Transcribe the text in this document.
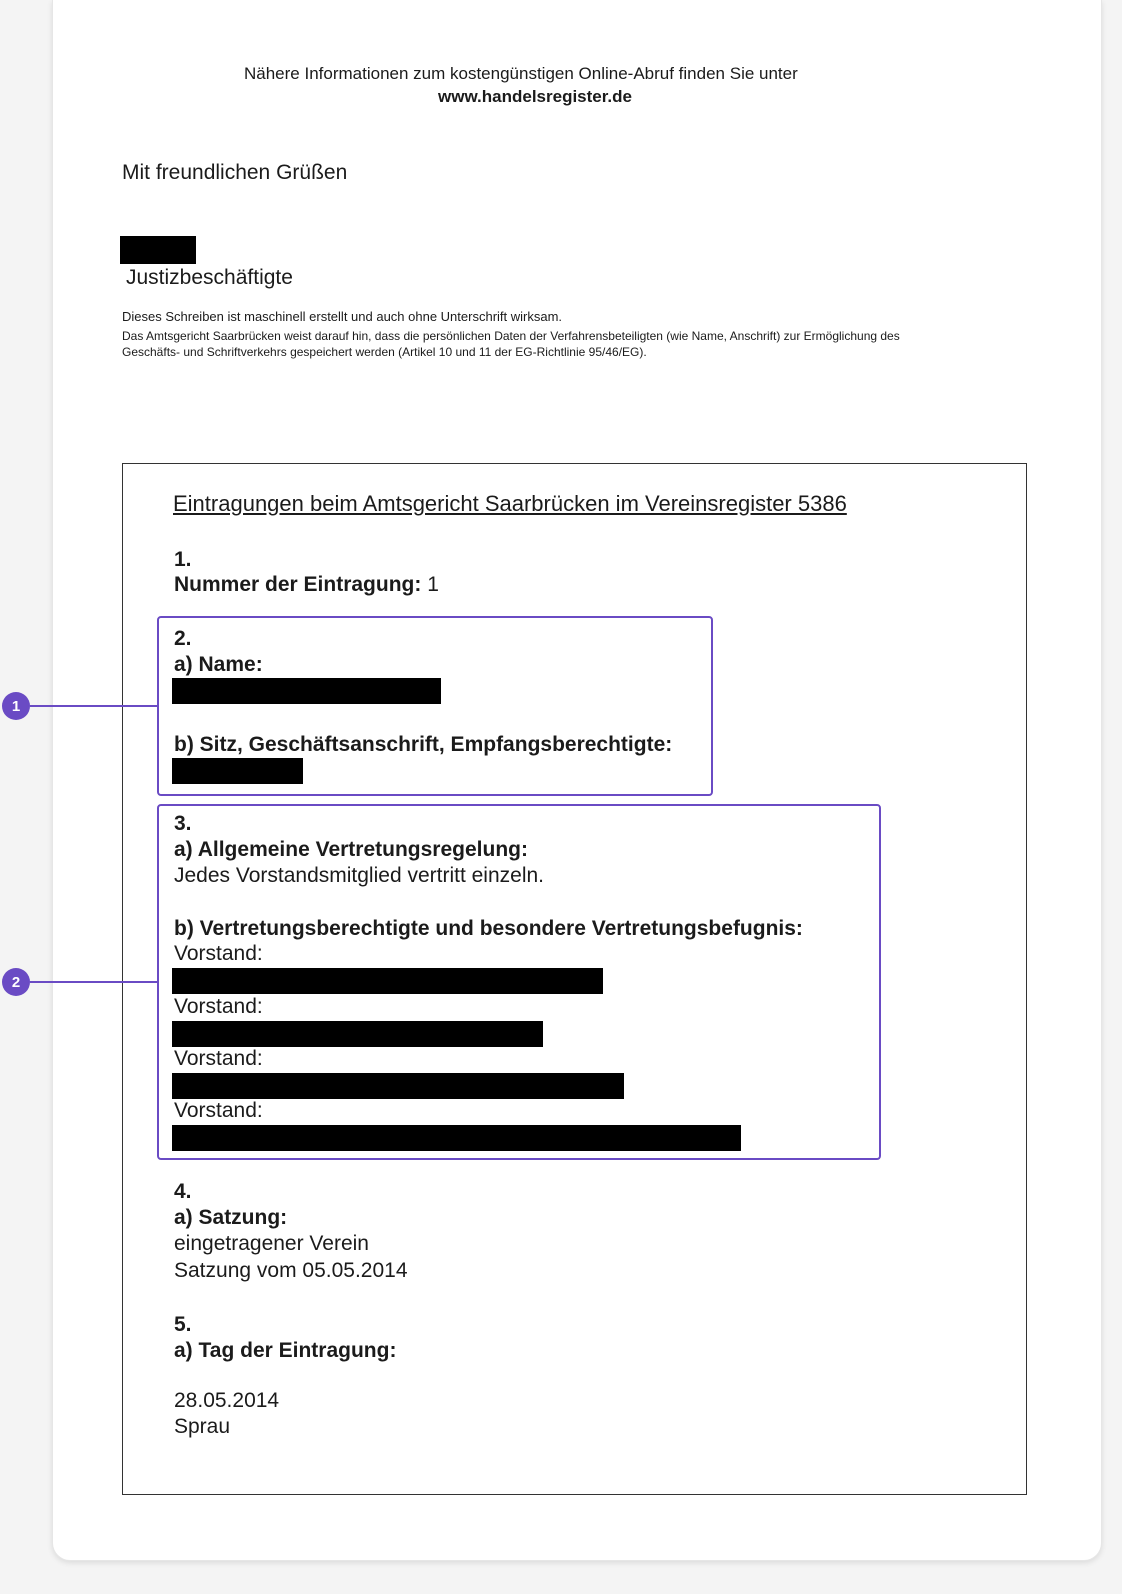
Nähere Informationen zum kostengünstigen Online-Abruf finden Sie unter
www.handelsregister.de
Mit freundlichen Grüßen
Justizbeschäftigte
Dieses Schreiben ist maschinell erstellt und auch ohne Unterschrift wirksam.
Das Amtsgericht Saarbrücken weist darauf hin, dass die persönlichen Daten der Verfahrensbeteiligten (wie Name, Anschrift) zur Ermöglichung des
Geschäfts- und Schriftverkehrs gespeichert werden (Artikel 10 und 11 der EG-Richtlinie 95/46/EG).
Eintragungen beim Amtsgericht Saarbrücken im Vereinsregister 5386
1.
Nummer der Eintragung: 1
2.
a) Name:
b) Sitz, Geschäftsanschrift, Empfangsberechtigte:
3.
a) Allgemeine Vertretungsregelung:
Jedes Vorstandsmitglied vertritt einzeln.
b) Vertretungsberechtigte und besondere Vertretungsbefugnis:
Vorstand:
Vorstand:
Vorstand:
Vorstand:
4.
a) Satzung:
eingetragener Verein
Satzung vom 05.05.2014
5.
a) Tag der Eintragung:
28.05.2014
Sprau
1
2
